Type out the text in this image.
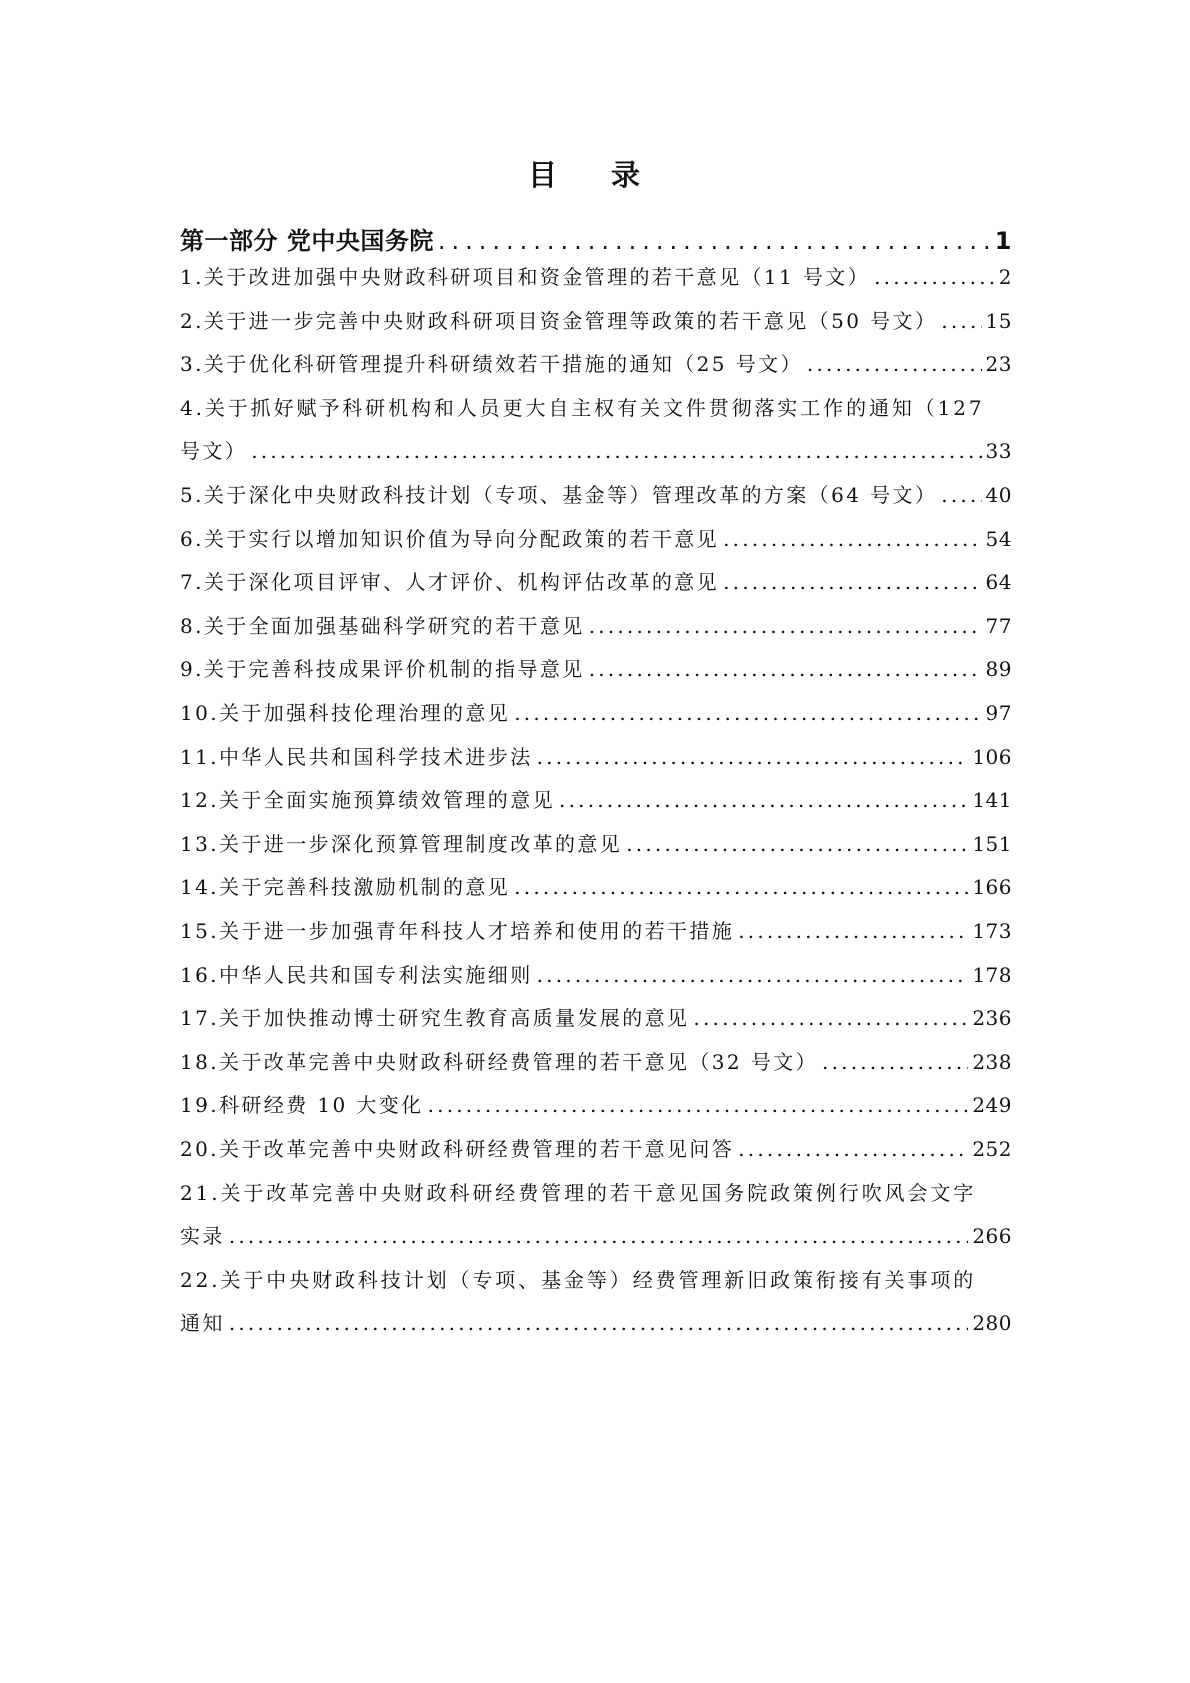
目 录
第一部分 党中央国务院 .....	1
1.关于改进加强中央财政科研项目和资金管理的若干意见（11 号文） .....	2
2.关于进一步完善中央财政科研项目资金管理等政策的若干意见（50 号文） ..... 15
3.关于优化科研管理提升科研绩效若干措施的通知（25 号文） .....	23
4.关于抓好赋予科研机构和人员更大自主权有关文件贯彻落实工作的通知（127
号文） .....	33
5.关于深化中央财政科技计划（专项、基金等）管理改革的方案（64 号文） ..... 40
6.关于实行以增加知识价值为导向分配政策的若干意见 .....	54
7.关于深化项目评审、人才评价、机构评估改革的意见 .....	64
8.关于全面加强基础科学研究的若干意见 .....	77
9.关于完善科技成果评价机制的指导意见 .....	89
10.关于加强科技伦理治理的意见 .....	97
11.中华人民共和国科学技术进步法 .....	106
12.关于全面实施预算绩效管理的意见 .....	141
13.关于进一步深化预算管理制度改革的意见 .....	151
14.关于完善科技激励机制的意见 .....	166
15.关于进一步加强青年科技人才培养和使用的若干措施 .....	173
16.中华人民共和国专利法实施细则 .....	178
17.关于加快推动博士研究生教育高质量发展的意见 .....	236
18.关于改革完善中央财政科研经费管理的若干意见（32 号文） .....	238
19.科研经费 10 大变化 .....	249
20.关于改革完善中央财政科研经费管理的若干意见问答 .....	252
21.关于改革完善中央财政科研经费管理的若干意见国务院政策例行吹风会文字
实录 .....	266
22.关于中央财政科技计划（专项、基金等）经费管理新旧政策衔接有关事项的
通知 .....	280
